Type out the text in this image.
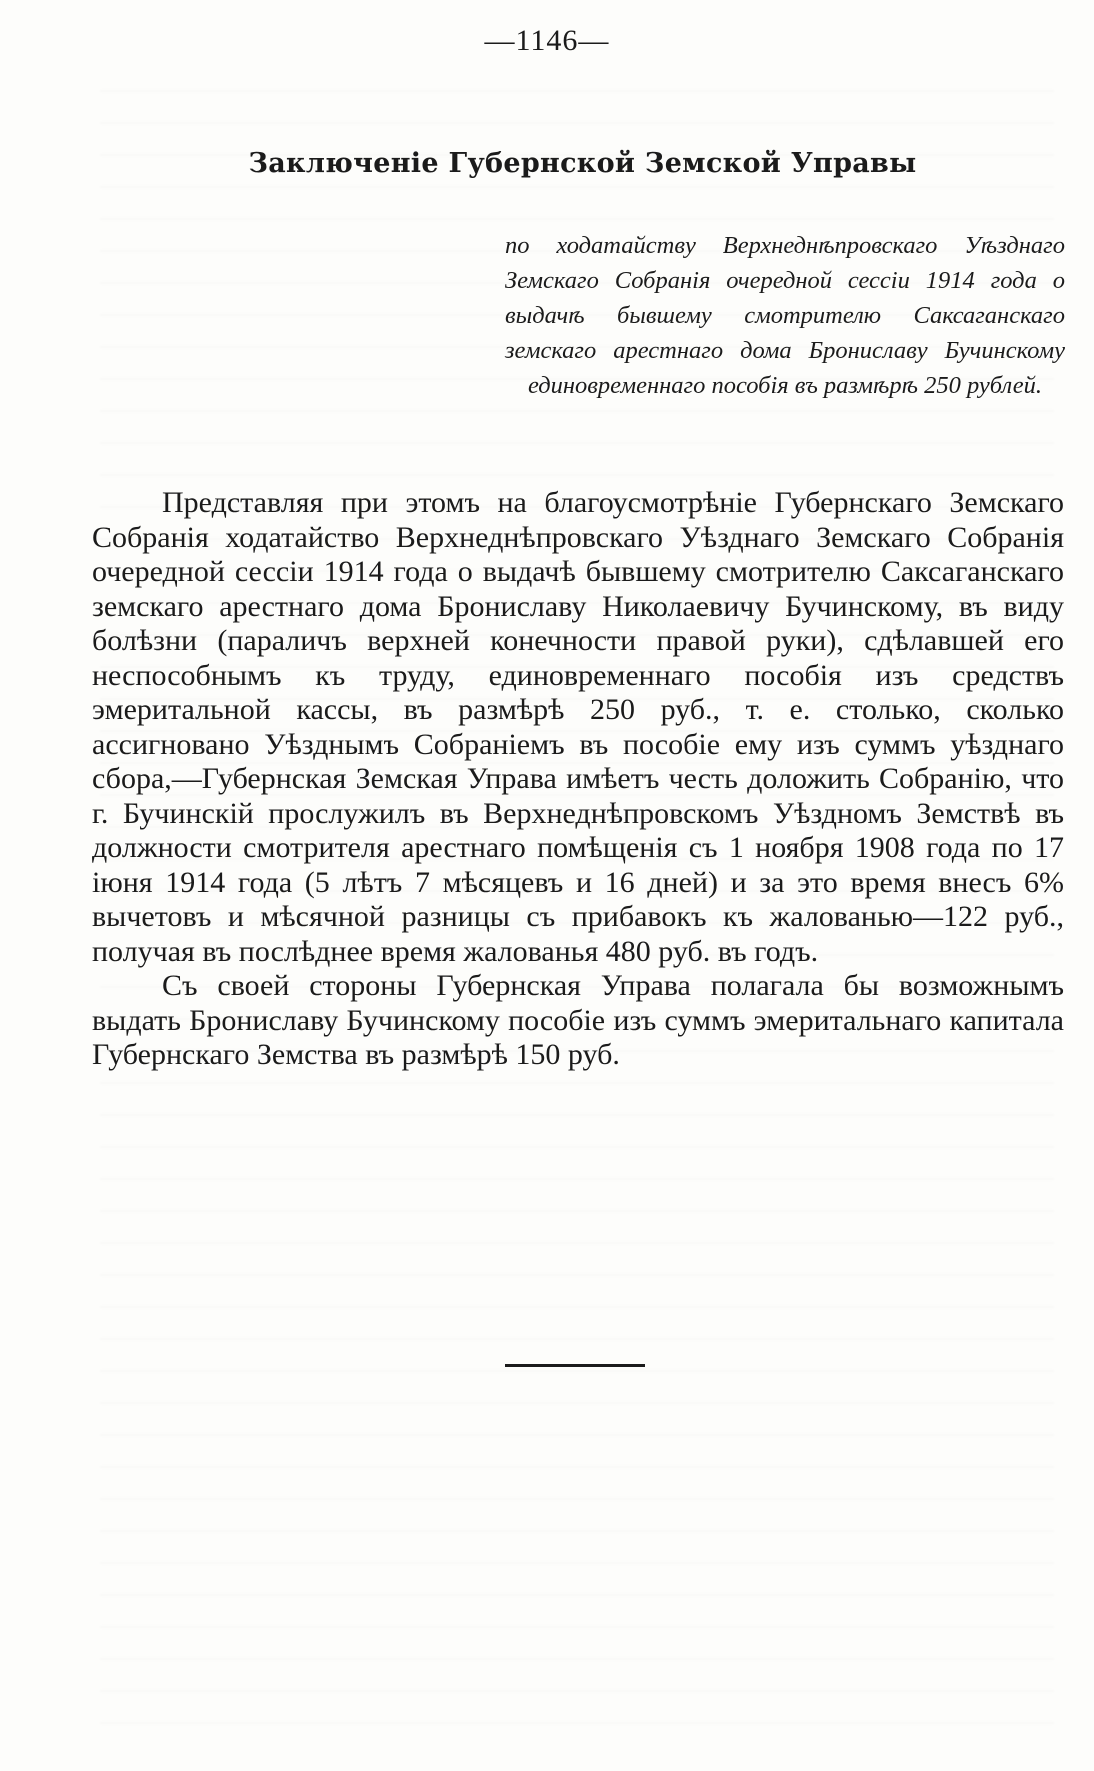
—1146—
Заключеніе Губернской Земской Управы
по ходатайству Верхнеднѣпровскаго Уѣзднаго Земскаго Собранія очередной сессіи 1914 года о выдачѣ бывшему смотрителю Саксаганскаго земскаго арестнаго дома Брониславу Бучинскому единовременнаго пособія въ размѣрѣ 250 рублей.

Представляя при этомъ на благоусмотрѣніе Губернскаго Земскаго Собранія ходатайство Верхнеднѣпровскаго Уѣзднаго Земскаго Собранія очередной сессіи 1914 года о выдачѣ бывшему смотрителю Саксаганскаго земскаго арестнаго дома Брониславу Николаевичу Бучинскому, въ виду болѣзни (параличъ верхней конечности правой руки), сдѣлавшей его неспособнымъ къ труду, единовременнаго пособія изъ средствъ эмеритальной кассы, въ размѣрѣ 250 руб., т. е. столько, сколько ассигновано Уѣзднымъ Собраніемъ въ пособіе ему изъ суммъ уѣзднаго сбора,—Губернская Земская Управа имѣетъ честь доложить Собранію, что г. Бучинскій прослужилъ въ Верхнеднѣпровскомъ Уѣздномъ Земствѣ въ должности смотрителя арестнаго помѣщенія съ 1 ноября 1908 года по 17 іюня 1914 года (5 лѣтъ 7 мѣсяцевъ и 16 дней) и за это время внесъ 6% вычетовъ и мѣсячной разницы съ прибавокъ къ жалованью—122 руб., получая въ послѣднее время жалованья 480 руб. въ годъ.

Съ своей стороны Губернская Управа полагала бы возможнымъ выдать Брониславу Бучинскому пособіе изъ суммъ эмеритальнаго капитала Губернскаго Земства въ размѣрѣ 150 руб.
